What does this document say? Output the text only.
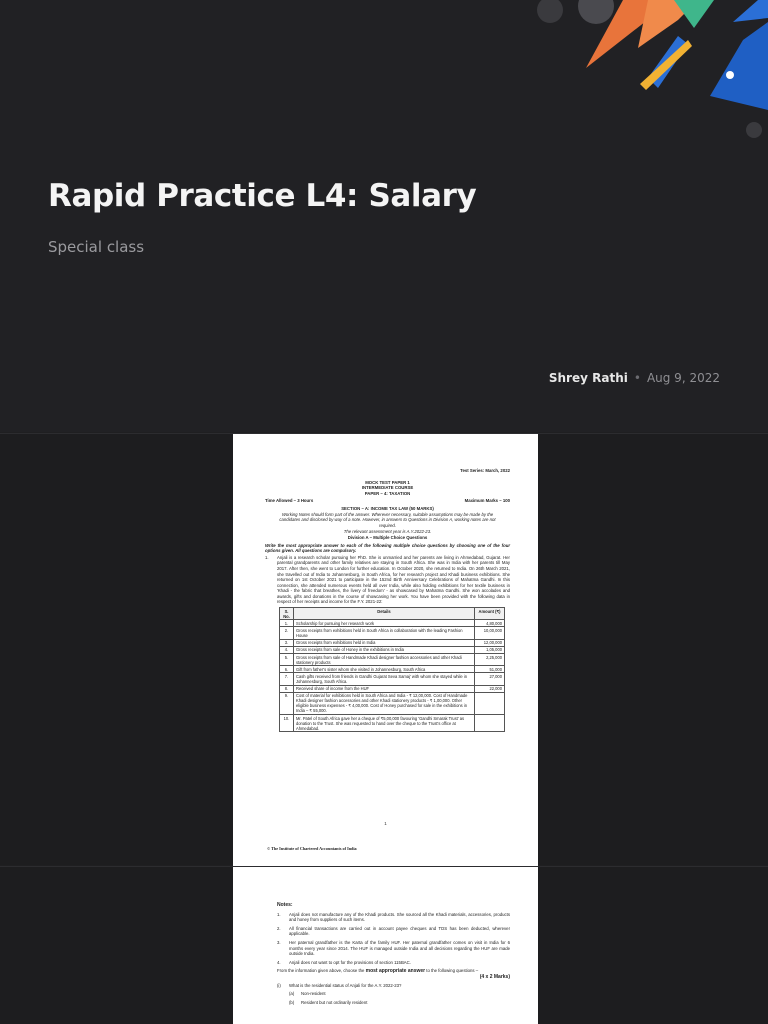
Rapid Practice L4: Salary
Special class
Shrey Rathi • Aug 9, 2022
Test Series: March, 2022
MOCK TEST PAPER 1
INTERMEDIATE COURSE
PAPER – 4: TAXATION
Time Allowed – 3 Hours	Maximum Marks – 100
SECTION – A: INCOME TAX LAW (50 MARKS)
Working Notes should form part of the answer. Wherever necessary, suitable assumptions may be made by the candidates and disclosed by way of a note. However, in answers to Questions in Division A, working notes are not required.
The relevant assessment year is A.Y.2022-23.
Division A – Multiple Choice Questions
Write the most appropriate answer to each of the following multiple choice questions by choosing one of the four options given. All questions are compulsory.
1.	Anjali is a research scholar pursuing her PhD. She is unmarried and her parents are living in Ahmedabad, Gujarat. Her parental grandparents and other family relatives are staying in South Africa. She was in India with her parents till May 2017. After then, she went to London for further education. In October 2020, she returned to India. On 26th March 2021, she travelled out of India to Johannesburg, in South Africa, for her research project and Khadi business exhibitions. She returned on 1st October 2021 to participate in the 152nd Birth Anniversary Celebrations of Mahatma Gandhi. In this connection, she attended numerous events held all over India, while also holding exhibitions for her textile business in 'Khadi - the fabric that breathes, the livery of freedom' - as showcased by Mahatma Gandhi. She won accolades and awards, gifts and donations in the course of showcasing her work. You have been provided with the following data in respect of her receipts and income for the F.Y. 2021-22:
S. No.	Details	Amount (₹)
1.	Scholarship for pursuing her research work	4,80,000
2.	Gross receipts from exhibitions held in South Africa in collaboration with the leading Fashion House	10,00,000
3.	Gross receipts from exhibitions held in India	12,00,000
4.	Gross receipts from sale of Honey in the exhibitions in India	1,05,000
5.	Gross receipts from sale of Handmade Khadi designer fashion accessories and other Khadi stationery products	2,25,000
6.	Gift from father's sister whom she visited in Johannesburg, South Africa	51,000
7.	Cash gifts received from friends in Gandhi Gujarat Seva Samaj' with whom she stayed while in Johannesburg, South Africa.	27,000
8.	Received share of income from the HUF	22,000
9.	Cost of material for exhibitions held in South Africa and India - ₹ 12,00,000. Cost of Handmade Khadi designer fashion accessories and other Khadi stationery products - ₹ 1,00,000. Other eligible business expenses - ₹ 4,00,000. Cost of Honey purchased for sale in the exhibitions in India – ₹ 55,000.	
10.	Mr. Patel of South Africa gave her a cheque of ₹5,00,000 favouring 'Gandhi Smarak Trust' as donation to the Trust. She was requested to hand over the cheque to the Trust's office at Ahmedabad.	
1
© The Institute of Chartered Accountants of India
Notes:
1.	Anjali does not manufacture any of the Khadi products. She sourced all the Khadi materials, accessories, products and honey from suppliers of such items.
2.	All financial transactions are carried out in account payee cheques and TDS has been deducted, wherever applicable.
3.	Her paternal grandfather is the Karta of the family HUF. Her paternal grandfather comes on visit in India for 6 months every year since 2014. The HUF is managed outside India and all decisions regarding the HUF are made outside India.
4.	Anjali does not want to opt for the provisions of section 115BAC.
From the information given above, choose the most appropriate answer to the following questions –
(4 x 2 Marks)
(i)	What is the residential status of Anjali for the A.Y. 2022-23?
(a)	Non-resident
(b)	Resident but not ordinarily resident
